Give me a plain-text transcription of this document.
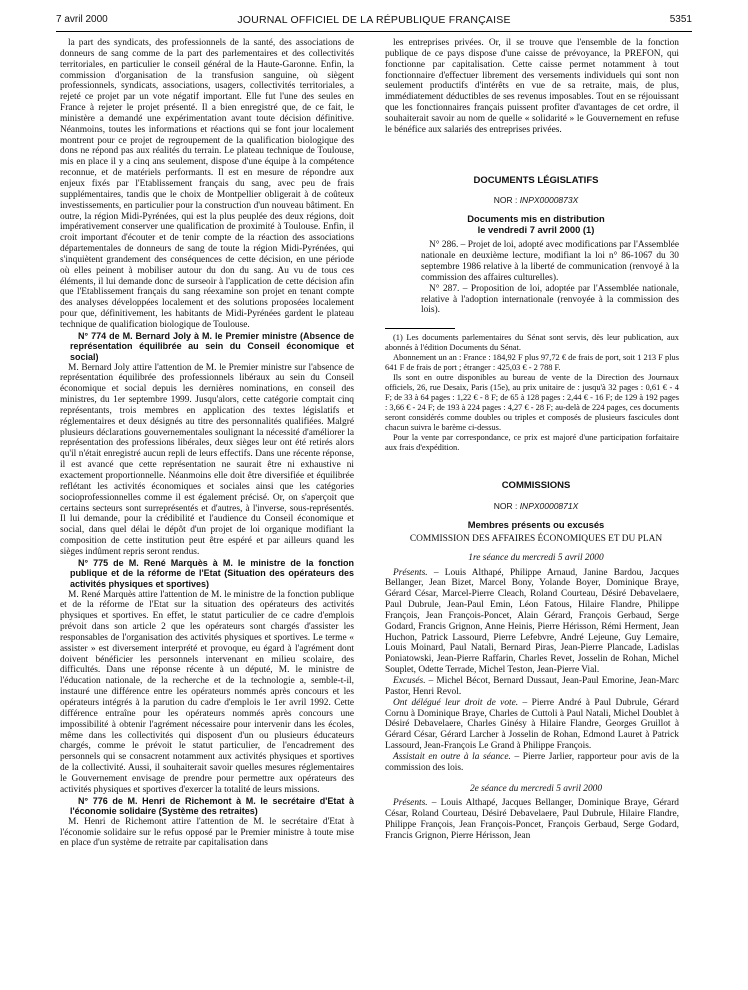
7 avril 2000	JOURNAL OFFICIEL DE LA RÉPUBLIQUE FRANÇAISE	5351

la part des syndicats, des professionnels de la santé, des associations de donneurs de sang comme de la part des parlementaires et des collectivités territoriales, en particulier le conseil général de la Haute-Garonne. Enfin, la commission d'organisation de la transfusion sanguine, où siègent professionnels, syndicats, associations, usagers, collectivités territoriales, a rejeté ce projet par un vote négatif important. Elle fut l'une des seules en France à rejeter le projet présenté. Il a bien enregistré que, de ce fait, le ministère a demandé une expérimentation avant toute décision définitive. Néanmoins, toutes les informations et réactions qui se font jour localement montrent pour ce projet de regroupement de la qualification biologique des dons ne répond pas aux réalités du terrain. Le plateau technique de Toulouse, mis en place il y a cinq ans seulement, dispose d'une équipe à la compétence reconnue, et de matériels performants. Il est en mesure de répondre aux enjeux fixés par l'Etablissement français du sang, avec peu de frais supplémentaires, tandis que le choix de Montpellier obligerait à de coûteux investissements, en particulier pour la construction d'un nouveau bâtiment. En outre, la région Midi-Pyrénées, qui est la plus peuplée des deux régions, doit impérativement conserver une qualification de proximité à Toulouse. Enfin, il croit important d'écouter et de tenir compte de la réaction des associations départementales de donneurs de sang de toute la région Midi-Pyrénées, qui s'inquiètent grandement des conséquences de cette décision, en une période où elles peinent à mobiliser autour du don du sang. Au vu de tous ces éléments, il lui demande donc de surseoir à l'application de cette décision afin que l'Etablissement français du sang réexamine son projet en tenant compte des analyses développées localement et des solutions proposées localement pour que, définitivement, les habitants de Midi-Pyrénées gardent le plateau technique de qualification biologique de Toulouse.

N° 774 de M. Bernard Joly à M. le Premier ministre (Absence de représentation équilibrée au sein du Conseil économique et social)

M. Bernard Joly attire l'attention de M. le Premier ministre sur l'absence de représentation équilibrée des professionnels libéraux au sein du Conseil économique et social depuis les dernières nominations, en conseil des ministres, du 1er septembre 1999. Jusqu'alors, cette catégorie comptait cinq représentants, trois membres en application des textes législatifs et réglementaires et deux désignés au titre des personnalités qualifiées. Malgré plusieurs déclarations gouvernementales soulignant la nécessité d'améliorer la représentation des professions libérales, deux sièges leur ont été retirés alors qu'il n'était enregistré aucun repli de leurs effectifs. Dans une récente réponse, il est avancé que cette représentation ne saurait être ni exhaustive ni exactement proportionnelle. Néanmoins elle doit être diversifiée et équilibrée reflétant les activités économiques et sociales ainsi que les catégories socioprofessionnelles comme il est également précisé. Or, on s'aperçoit que certains secteurs sont surreprésentés et d'autres, à l'inverse, sous-représentés. Il lui demande, pour la crédibilité et l'audience du Conseil économique et social, dans quel délai le dépôt d'un projet de loi organique modifiant la composition de cette institution peut être espéré et par ailleurs quand les sièges indûment repris seront rendus.

N° 775 de M. René Marquès à M. le ministre de la fonction publique et de la réforme de l'Etat (Situation des opérateurs des activités physiques et sportives)

M. René Marquès attire l'attention de M. le ministre de la fonction publique et de la réforme de l'Etat sur la situation des opérateurs des activités physiques et sportives. En effet, le statut particulier de ce cadre d'emplois prévoit dans son article 2 que les opérateurs sont chargés d'assister les responsables de l'organisation des activités physiques et sportives. Le terme « assister » est diversement interprété et provoque, eu égard à l'agrément dont doivent bénéficier les personnels intervenant en milieu scolaire, des difficultés. Dans une réponse récente à un député, M. le ministre de l'éducation nationale, de la recherche et de la technologie a, semble-t-il, instauré une différence entre les opérateurs nommés après concours et les opérateurs intégrés à la parution du cadre d'emplois le 1er avril 1992. Cette différence entraîne pour les opérateurs nommés après concours une impossibilité à obtenir l'agrément nécessaire pour intervenir dans les écoles, même dans les collectivités qui disposent d'un ou plusieurs éducateurs chargés, comme le prévoit le statut particulier, de l'encadrement des personnels qui se consacrent notamment aux activités physiques et sportives de la collectivité. Aussi, il souhaiterait savoir quelles mesures réglementaires le Gouvernement envisage de prendre pour permettre aux opérateurs des activités physiques et sportives d'exercer la totalité de leurs missions.

N° 776 de M. Henri de Richemont à M. le secrétaire d'Etat à l'économie solidaire (Système des retraites)

M. Henri de Richemont attire l'attention de M. le secrétaire d'Etat à l'économie solidaire sur le refus opposé par le Premier ministre à toute mise en place d'un système de retraite par capitalisation dans

les entreprises privées. Or, il se trouve que l'ensemble de la fonction publique de ce pays dispose d'une caisse de prévoyance, la PREFON, qui fonctionne par capitalisation. Cette caisse permet notamment à tout fonctionnaire d'effectuer librement des versements individuels qui sont non seulement productifs d'intérêts en vue de sa retraite, mais, de plus, immédiatement déductibles de ses revenus imposables. Tout en se réjouissant que les fonctionnaires français puissent profiter d'avantages de cet ordre, il souhaiterait savoir au nom de quelle « solidarité » le Gouvernement en refuse le bénéfice aux salariés des entreprises privées.

DOCUMENTS LÉGISLATIFS

NOR : INPX0000873X

Documents mis en distribution

le vendredi 7 avril 2000 (1)

N° 286. – Projet de loi, adopté avec modifications par l'Assemblée nationale en deuxième lecture, modifiant la loi n° 86-1067 du 30 septembre 1986 relative à la liberté de communication (renvoyé à la commission des affaires culturelles).

N° 287. – Proposition de loi, adoptée par l'Assemblée nationale, relative à l'adoption internationale (renvoyée à la commission des lois).

(1) Les documents parlementaires du Sénat sont servis, dès leur publication, aux abonnés à l'édition Documents du Sénat.

Abonnement un an : France : 184,92 F plus 97,72 € de frais de port, soit 1 213 F plus 641 F de frais de port ; étranger : 425,03 € - 2 788 F.

Ils sont en outre disponibles au bureau de vente de la Direction des Journaux officiels, 26, rue Desaix, Paris (15e), au prix unitaire de : jusqu'à 32 pages : 0,61 € - 4 F; de 33 à 64 pages : 1,22 € - 8 F; de 65 à 128 pages : 2,44 € - 16 F; de 129 à 192 pages : 3,66 € - 24 F; de 193 à 224 pages : 4,27 € - 28 F; au-delà de 224 pages, ces documents seront considérés comme doubles ou triples et composés de plusieurs fascicules dont chacun suivra le barème ci-dessus.

Pour la vente par correspondance, ce prix est majoré d'une participation forfaitaire aux frais d'expédition.

COMMISSIONS

NOR : INPX0000871X

Membres présents ou excusés

COMMISSION DES AFFAIRES ÉCONOMIQUES ET DU PLAN

1re séance du mercredi 5 avril 2000

Présents. – Louis Althapé, Philippe Arnaud, Janine Bardou, Jacques Bellanger, Jean Bizet, Marcel Bony, Yolande Boyer, Dominique Braye, Gérard César, Marcel-Pierre Cleach, Roland Courteau, Désiré Debavelaere, Paul Dubrule, Jean-Paul Emin, Léon Fatous, Hilaire Flandre, Philippe François, Jean François-Poncet, Alain Gérard, François Gerbaud, Serge Godard, Francis Grignon, Anne Heinis, Pierre Hérisson, Rémi Herment, Jean Huchon, Patrick Lassourd, Pierre Lefebvre, André Lejeune, Guy Lemaire, Louis Moinard, Paul Natali, Bernard Piras, Jean-Pierre Plancade, Ladislas Poniatowski, Jean-Pierre Raffarin, Charles Revet, Josselin de Rohan, Michel Souplet, Odette Terrade, Michel Teston, Jean-Pierre Vial.

Excusés. – Michel Bécot, Bernard Dussaut, Jean-Paul Emorine, Jean-Marc Pastor, Henri Revol.

Ont délégué leur droit de vote. – Pierre André à Paul Dubrule, Gérard Cornu à Dominique Braye, Charles de Cuttoli à Paul Natali, Michel Doublet à Désiré Debavelaere, Charles Ginésy à Hilaire Flandre, Georges Gruillot à Gérard César, Gérard Larcher à Josselin de Rohan, Edmond Lauret à Patrick Lassourd, Jean-François Le Grand à Philippe François.

Assistait en outre à la séance. – Pierre Jarlier, rapporteur pour avis de la commission des lois.

2e séance du mercredi 5 avril 2000

Présents. – Louis Althapé, Jacques Bellanger, Dominique Braye, Gérard César, Roland Courteau, Désiré Debavelaere, Paul Dubrule, Hilaire Flandre, Philippe François, Jean François-Poncet, François Gerbaud, Serge Godard, Francis Grignon, Pierre Hérisson, Jean
